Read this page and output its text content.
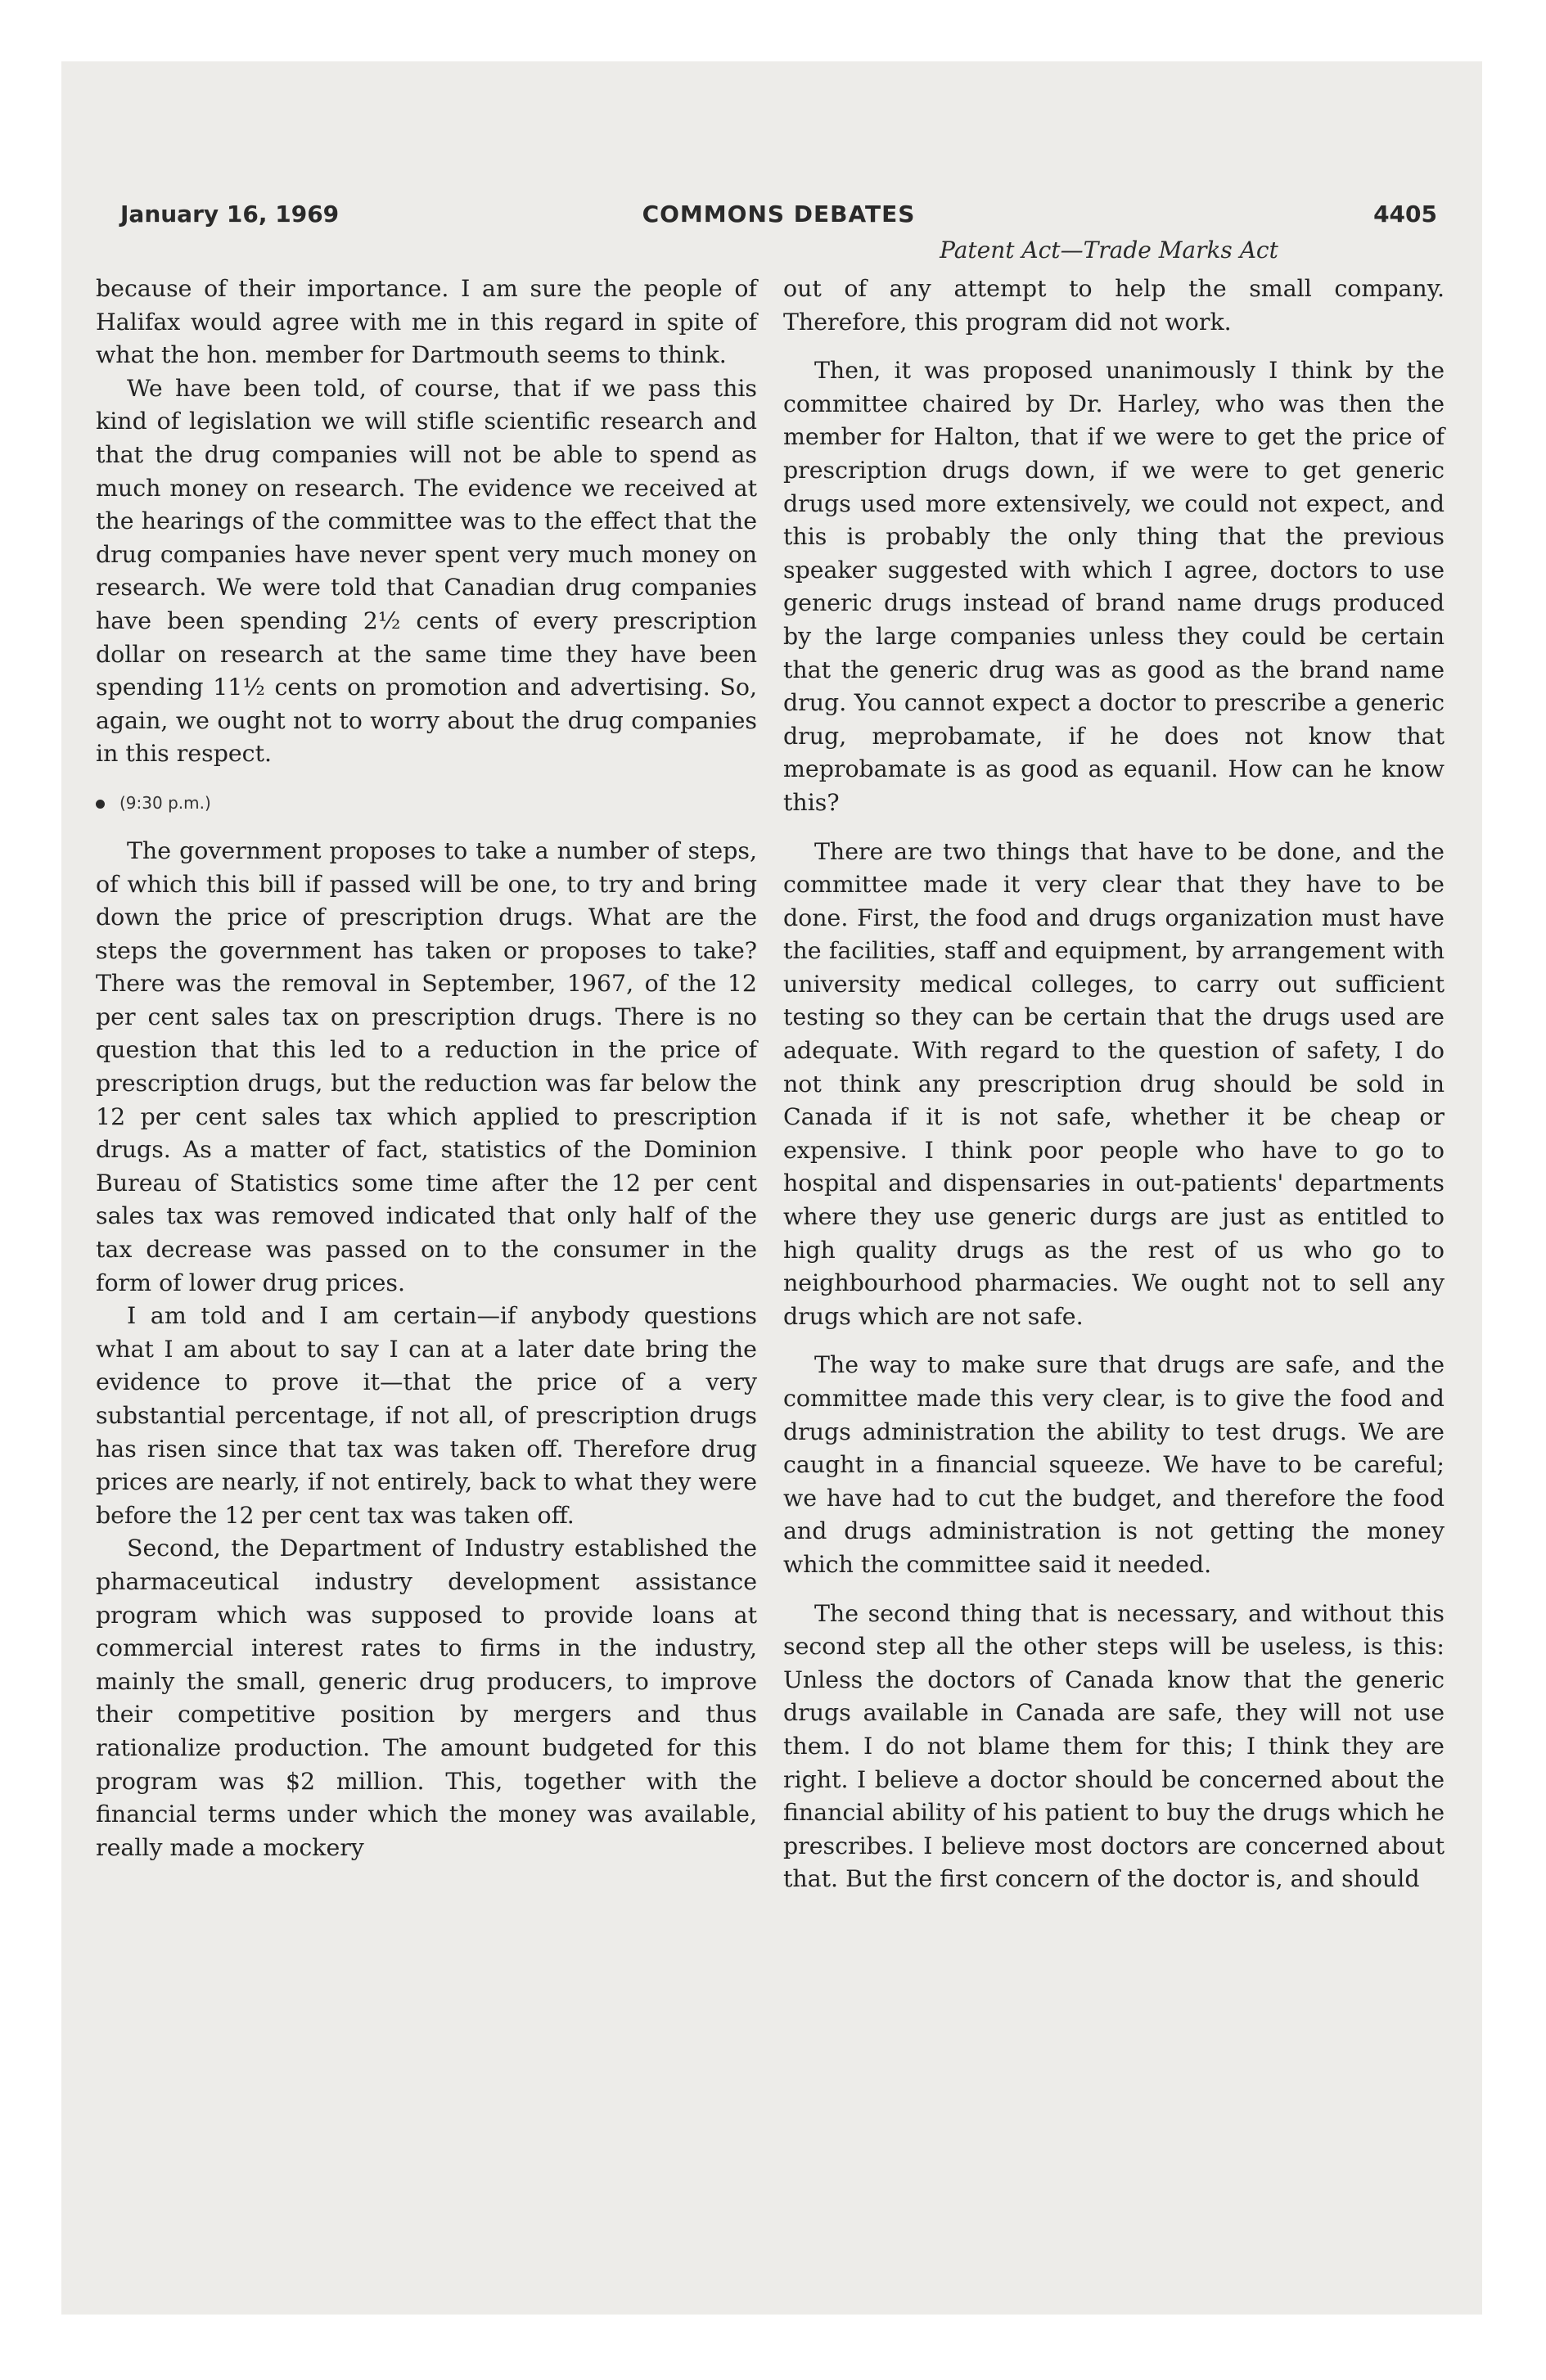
January 16, 1969	COMMONS DEBATES	4405
Patent Act—Trade Marks Act

because of their importance. I am sure the people of Halifax would agree with me in this regard in spite of what the hon. member for Dartmouth seems to think.

We have been told, of course, that if we pass this kind of legislation we will stifle scientific research and that the drug companies will not be able to spend as much money on research. The evidence we received at the hearings of the committee was to the effect that the drug companies have never spent very much money on research. We were told that Canadian drug companies have been spending 2½ cents of every prescription dollar on research at the same time they have been spending 11½ cents on promotion and advertising. So, again, we ought not to worry about the drug companies in this respect.

(9:30 p.m.)

The government proposes to take a number of steps, of which this bill if passed will be one, to try and bring down the price of prescription drugs. What are the steps the government has taken or proposes to take? There was the removal in September, 1967, of the 12 per cent sales tax on prescription drugs. There is no question that this led to a reduction in the price of prescription drugs, but the reduction was far below the 12 per cent sales tax which applied to prescription drugs. As a matter of fact, statistics of the Dominion Bureau of Statistics some time after the 12 per cent sales tax was removed indicated that only half of the tax decrease was passed on to the consumer in the form of lower drug prices.

I am told and I am certain—if anybody questions what I am about to say I can at a later date bring the evidence to prove it—that the price of a very substantial percentage, if not all, of prescription drugs has risen since that tax was taken off. Therefore drug prices are nearly, if not entirely, back to what they were before the 12 per cent tax was taken off.

Second, the Department of Industry established the pharmaceutical industry development assistance program which was supposed to provide loans at commercial interest rates to firms in the industry, mainly the small, generic drug producers, to improve their competitive position by mergers and thus rationalize production. The amount budgeted for this program was $2 million. This, together with the financial terms under which the money was available, really made a mockery

out of any attempt to help the small company. Therefore, this program did not work.

Then, it was proposed unanimously I think by the committee chaired by Dr. Harley, who was then the member for Halton, that if we were to get the price of prescription drugs down, if we were to get generic drugs used more extensively, we could not expect, and this is probably the only thing that the previous speaker suggested with which I agree, doctors to use generic drugs instead of brand name drugs produced by the large companies unless they could be certain that the generic drug was as good as the brand name drug. You cannot expect a doctor to prescribe a generic drug, meprobamate, if he does not know that meprobamate is as good as equanil. How can he know this?

There are two things that have to be done, and the committee made it very clear that they have to be done. First, the food and drugs organization must have the facilities, staff and equipment, by arrangement with university medical colleges, to carry out sufficient testing so they can be certain that the drugs used are adequate. With regard to the question of safety, I do not think any prescription drug should be sold in Canada if it is not safe, whether it be cheap or expensive. I think poor people who have to go to hospital and dispensaries in out-patients' departments where they use generic durgs are just as entitled to high quality drugs as the rest of us who go to neighbourhood pharmacies. We ought not to sell any drugs which are not safe.

The way to make sure that drugs are safe, and the committee made this very clear, is to give the food and drugs administration the ability to test drugs. We are caught in a financial squeeze. We have to be careful; we have had to cut the budget, and therefore the food and drugs administration is not getting the money which the committee said it needed.

The second thing that is necessary, and without this second step all the other steps will be useless, is this: Unless the doctors of Canada know that the generic drugs available in Canada are safe, they will not use them. I do not blame them for this; I think they are right. I believe a doctor should be concerned about the financial ability of his patient to buy the drugs which he prescribes. I believe most doctors are concerned about that. But the first concern of the doctor is, and should
